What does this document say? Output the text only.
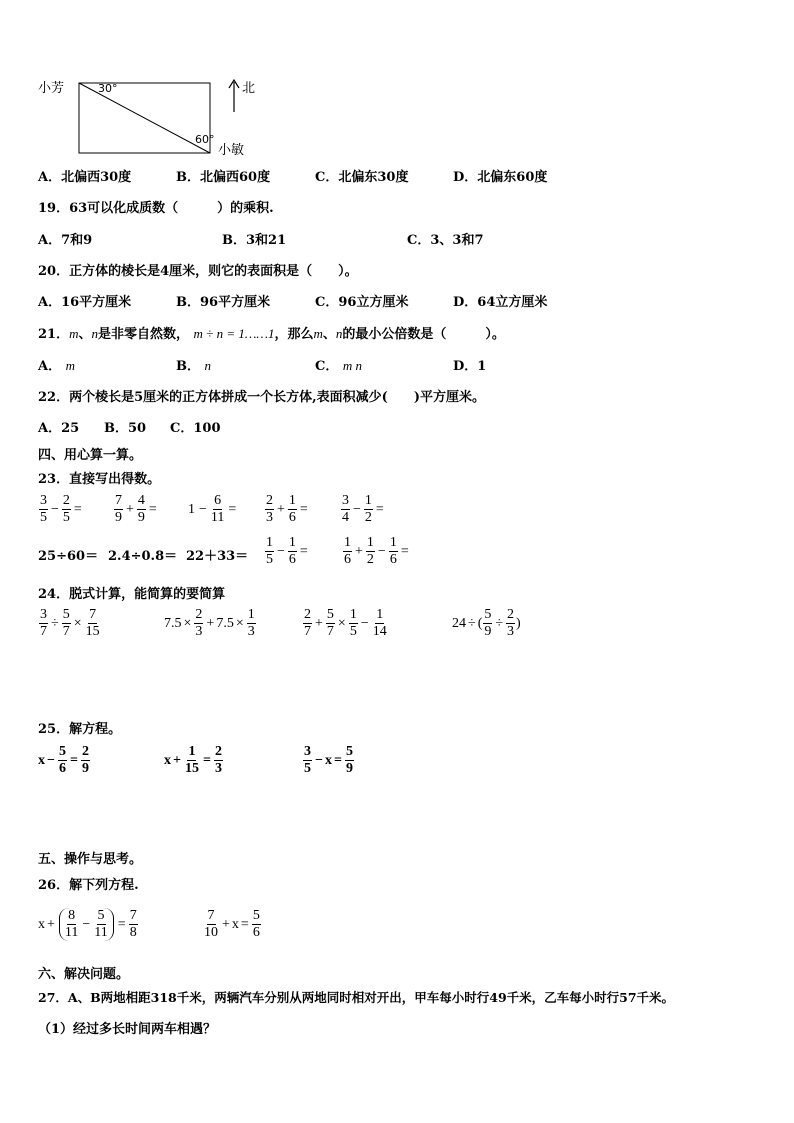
小芳	30°
60°
小敏
北
A．北偏西30度	B．北偏西60度	C．北偏东30度	D．北偏东60度
19．63可以化成质数（　　　）的乘积.
A．7和9	B．3和21	C．3、3和7
20．正方体的棱长是4厘米，则它的表面积是（　　）。
A．16平方厘米	B．96平方厘米	C．96立方厘米	D．64立方厘米
21．m、n是非零自然数， m ÷ n = 1……1，那么m、n的最小公倍数是（　　　）。
A． m	B． n	C． m n	D．1
22．两个棱长是5厘米的正方体拼成一个长方体,表面积减少(　　)平方厘米。
A．25 B．50 C．100
四、用心算一算。
23．直接写出得数。
$\frac{3}{5} - \frac{2}{5} = \frac{7}{9} + \frac{4}{9} = 1 - \frac{6}{11} = \frac{2}{3} + \frac{1}{6} = \frac{3}{4} - \frac{1}{2}$ =
$25\div 60= 2.4\div 0.8= 22+33= \frac{1}{5} - \frac{1}{6}$ =	$\frac{1}{6} + \frac{1}{2} - \frac{1}{6}$ =
24．脱式计算，能简算的要简算
$\frac{3}{7} \div \frac{5}{7} \times \frac{7}{15}$	$7.5 \times \frac{2}{3} + 7.5 \times \frac{1}{3}$	$\frac{2}{7} + \frac{5}{7} \times \frac{1}{5} - \frac{1}{14}$	24 ÷ ( $\frac{5}{9} \div \frac{2}{3}$ )
25．解方程。
$x - \frac{5}{6} = \frac{2}{9}$	$x + \frac{1}{15} = \frac{2}{3}$	$\frac{3}{5} - x = \frac{5}{9}$
五、操作与思考。
26．解下列方程.
$x + \frac{8}{11} - \frac{5}{11} = \frac{7}{8}$	$\frac{7}{10} + x = \frac{5}{6}$
六、解决问题。
27．A、B两地相距318千米，两辆汽车分别从两地同时相对开出，甲车每小时行49千米，乙车每小时行57千米。
（1）经过多长时间两车相遇？
